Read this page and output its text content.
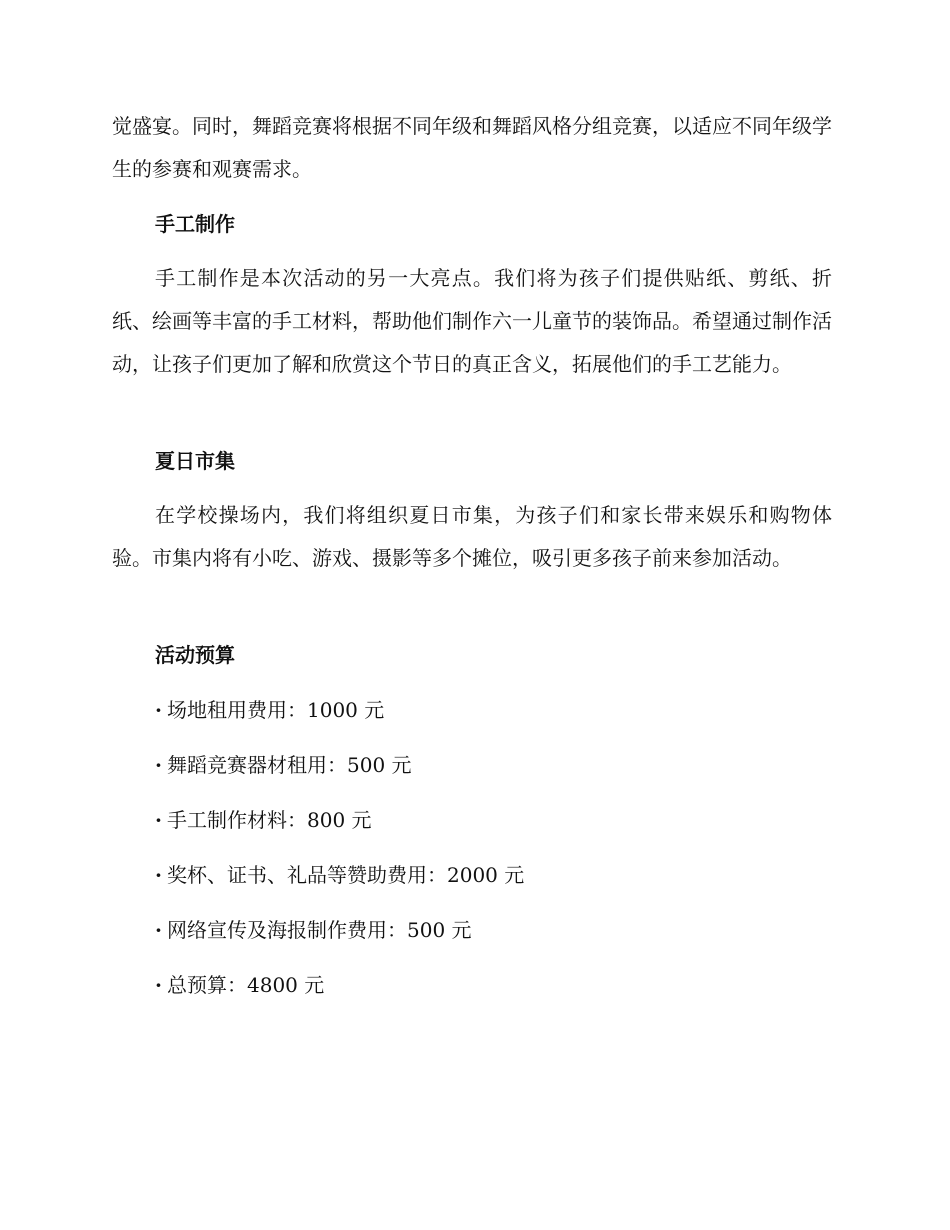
觉盛宴。同时，舞蹈竞赛将根据不同年级和舞蹈风格分组竞赛，以适应不同年级学生的参赛和观赛需求。

手工制作

手工制作是本次活动的另一大亮点。我们将为孩子们提供贴纸、剪纸、折纸、绘画等丰富的手工材料，帮助他们制作六一儿童节的装饰品。希望通过制作活动，让孩子们更加了解和欣赏这个节日的真正含义，拓展他们的手工艺能力。

夏日市集

在学校操场内，我们将组织夏日市集，为孩子们和家长带来娱乐和购物体验。市集内将有小吃、游戏、摄影等多个摊位，吸引更多孩子前来参加活动。

活动预算
· 场地租用费用：1000 元
· 舞蹈竞赛器材租用：500 元
· 手工制作材料：800 元
· 奖杯、证书、礼品等赞助费用：2000 元
· 网络宣传及海报制作费用：500 元
· 总预算：4800 元
